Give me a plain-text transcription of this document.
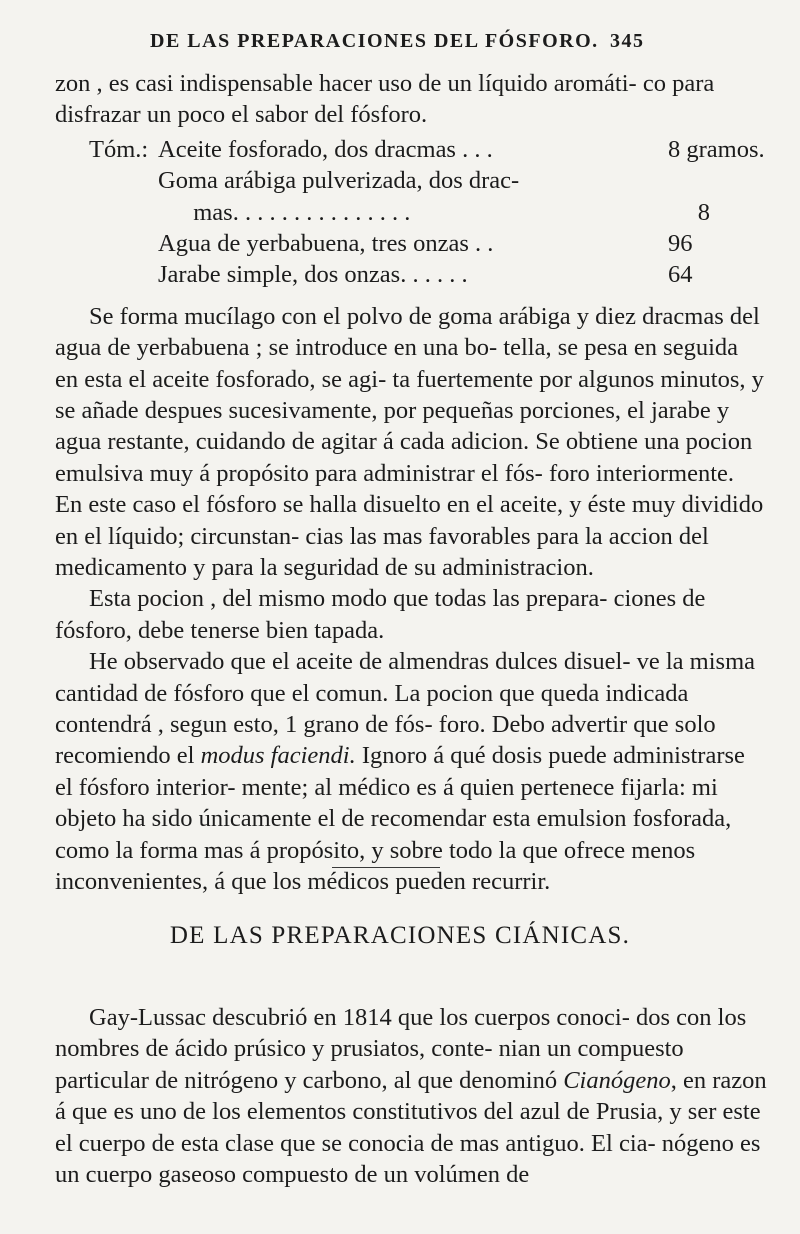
DE LAS PREPARACIONES DEL FÓSFORO. 345

zon , es casi indispensable hacer uso de un líquido aromáti- co para disfrazar un poco el sabor del fósforo.

Tóm.: Aceite fosforado, dos dracmas . . .	8 gramos.
Goma arábiga pulverizada, dos drac-
mas. . . . . . . . . . . . . . .	8
Agua de yerbabuena, tres onzas . .	96
Jarabe simple, dos onzas. . . . . .	64

Se forma mucílago con el polvo de goma arábiga y diez dracmas del agua de yerbabuena ; se introduce en una bo- tella, se pesa en seguida en esta el aceite fosforado, se agi- ta fuertemente por algunos minutos, y se añade despues sucesivamente, por pequeñas porciones, el jarabe y agua restante, cuidando de agitar á cada adicion. Se obtiene una pocion emulsiva muy á propósito para administrar el fós- foro interiormente. En este caso el fósforo se halla disuelto en el aceite, y éste muy dividido en el líquido; circunstan- cias las mas favorables para la accion del medicamento y para la seguridad de su administracion.

Esta pocion , del mismo modo que todas las prepara- ciones de fósforo, debe tenerse bien tapada.

He observado que el aceite de almendras dulces disuel- ve la misma cantidad de fósforo que el comun. La pocion que queda indicada contendrá , segun esto, 1 grano de fós- foro. Debo advertir que solo recomiendo el modus faciendi. Ignoro á qué dosis puede administrarse el fósforo interior- mente; al médico es á quien pertenece fijarla: mi objeto ha sido únicamente el de recomendar esta emulsion fosforada, como la forma mas á propósito, y sobre todo la que ofrece menos inconvenientes, á que los médicos pueden recurrir.

DE LAS PREPARACIONES CIÁNICAS.

Gay-Lussac descubrió en 1814 que los cuerpos conoci- dos con los nombres de ácido prúsico y prusiatos, conte- nian un compuesto particular de nitrógeno y carbono, al que denominó Cianógeno, en razon á que es uno de los elementos constitutivos del azul de Prusia, y ser este el cuerpo de esta clase que se conocia de mas antiguo. El cia- nógeno es un cuerpo gaseoso compuesto de un volúmen de
